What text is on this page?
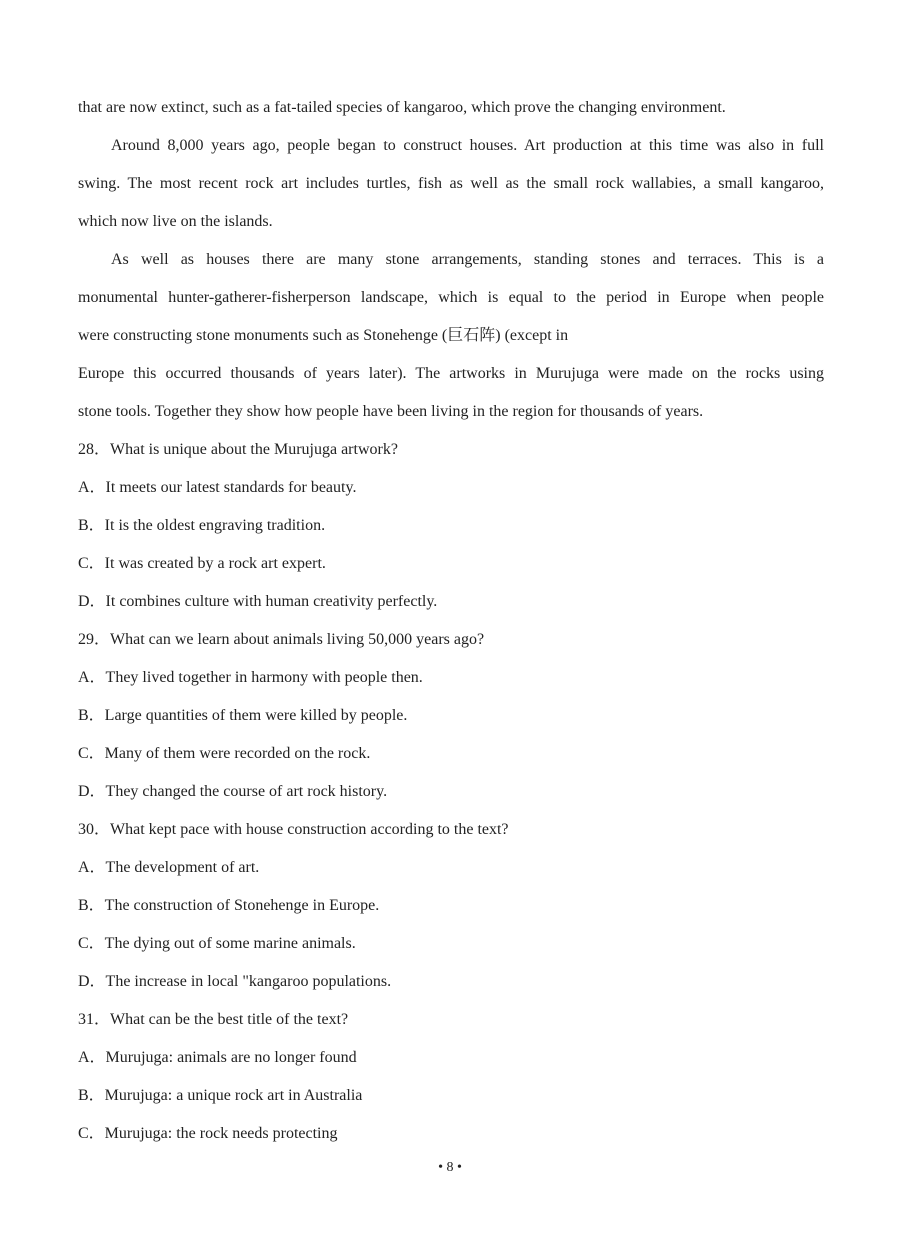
that are now extinct, such as a fat-tailed species of kangaroo, which prove the changing environment.
Around 8,000 years ago, people began to construct houses. Art production at this time was also in full
swing. The most recent rock art includes turtles, fish as well as the small rock wallabies, a small kangaroo,
which now live on the islands.
As well as houses there are many stone arrangements, standing stones and terraces. This is a
monumental hunter-gatherer-fisherperson landscape, which is equal to the period in Europe when people
were constructing stone monuments such as Stonehenge (巨石阵) (except in
Europe this occurred thousands of years later). The artworks in Murujuga were made on the rocks using
stone tools. Together they show how people have been living in the region for thousands of years.
28．What is unique about the Murujuga artwork?
A．It meets our latest standards for beauty.
B．It is the oldest engraving tradition.
C．It was created by a rock art expert.
D．It combines culture with human creativity perfectly.
29．What can we learn about animals living 50,000 years ago?
A．They lived together in harmony with people then.
B．Large quantities of them were killed by people.
C．Many of them were recorded on the rock.
D．They changed the course of art rock history.
30．What kept pace with house construction according to the text?
A．The development of art.
B．The construction of Stonehenge in Europe.
C．The dying out of some marine animals.
D．The increase in local "kangaroo populations.
31．What can be the best title of the text?
A．Murujuga: animals are no longer found
B．Murujuga: a unique rock art in Australia
C．Murujuga: the rock needs protecting
• 8 •
